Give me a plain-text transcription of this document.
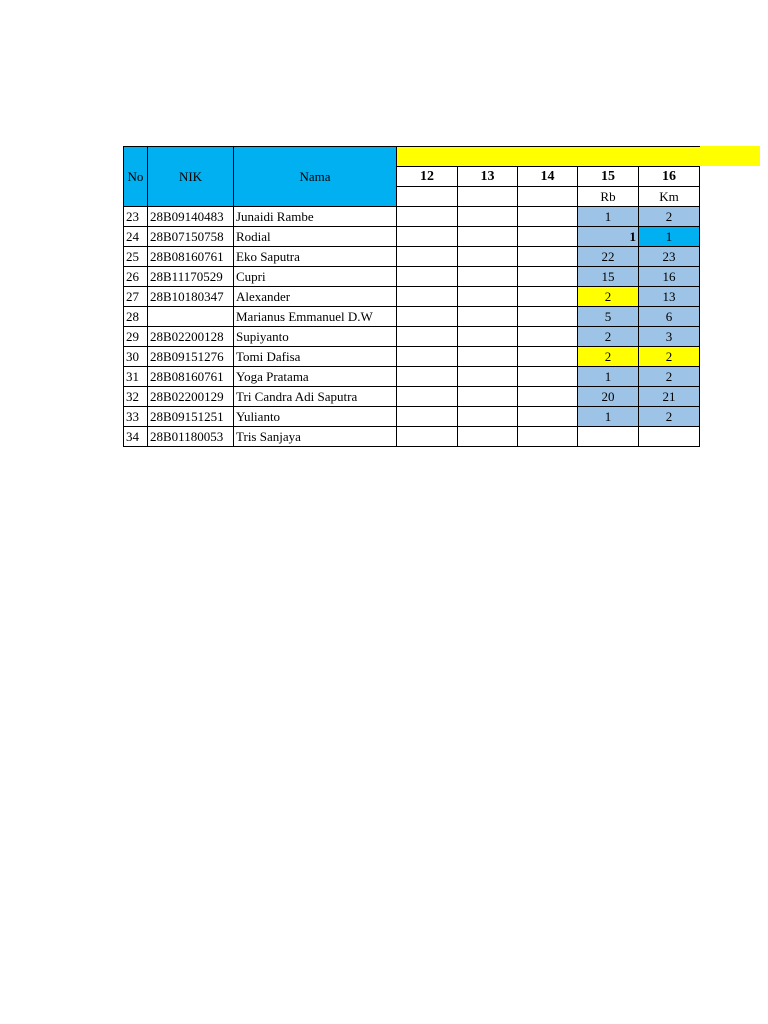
No	NIK	Nama					
			12	13	14	15	16
						Rb	Km
23	28B09140483	Junaidi Rambe				1	2
24	28B07150758	Rodial				1	1
25	28B08160761	Eko Saputra				22	23
26	28B11170529	Cupri				15	16
27	28B10180347	Alexander				2	13
28		Marianus Emmanuel D.W				5	6
29	28B02200128	Supiyanto				2	3
30	28B09151276	Tomi Dafisa				2	2
31	28B08160761	Yoga Pratama				1	2
32	28B02200129	Tri Candra Adi Saputra				20	21
33	28B09151251	Yulianto				1	2
34	28B01180053	Tris Sanjaya					
